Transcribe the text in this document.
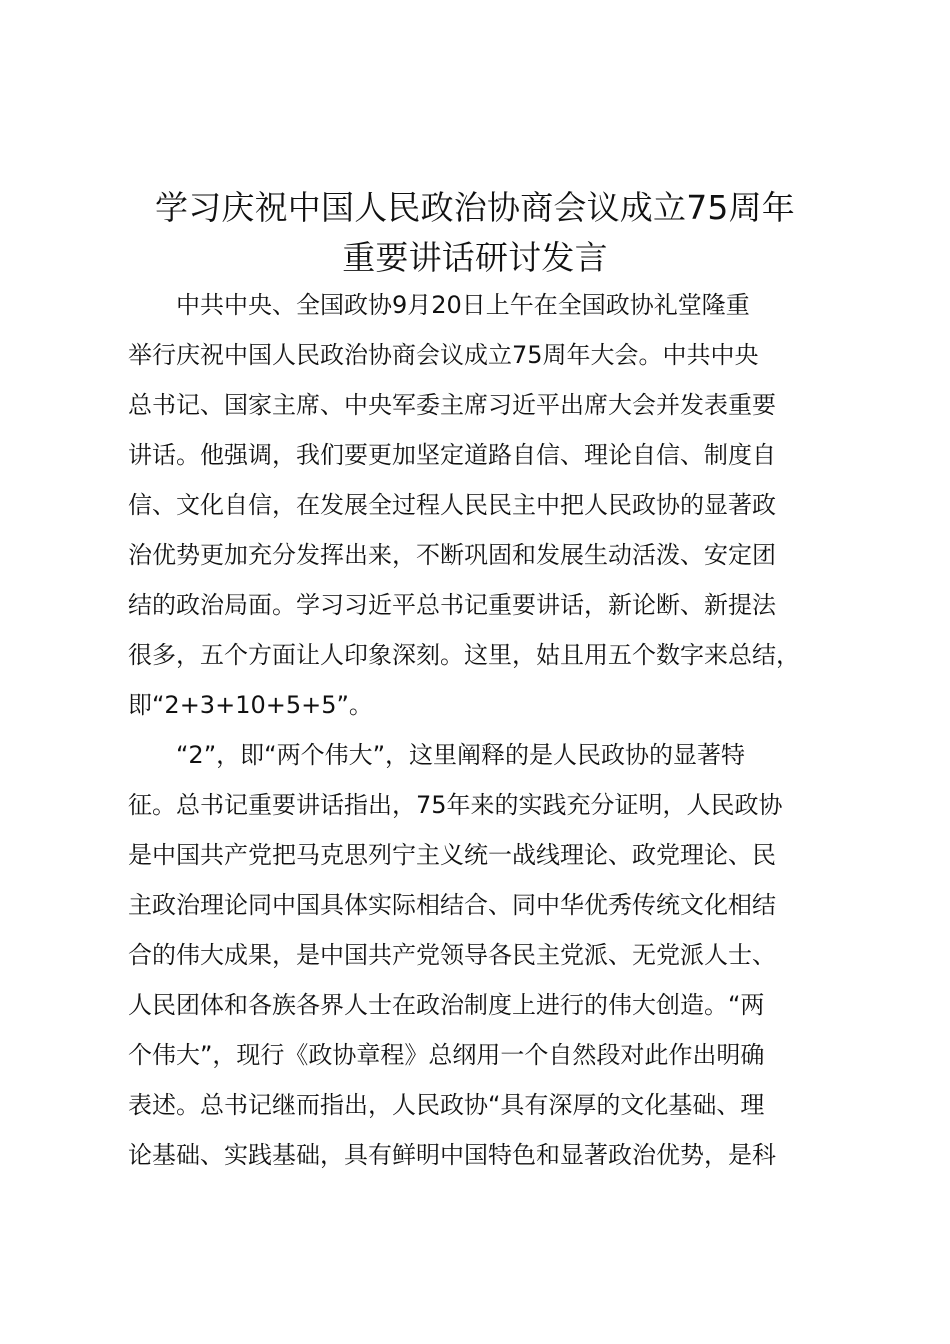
学习庆祝中国人民政治协商会议成立75周年
重要讲话研讨发言

中共中央、全国政协9月20日上午在全国政协礼堂隆重
举行庆祝中国人民政治协商会议成立75周年大会。中共中央
总书记、国家主席、中央军委主席习近平出席大会并发表重要
讲话。他强调，我们要更加坚定道路自信、理论自信、制度自
信、文化自信，在发展全过程人民民主中把人民政协的显著政
治优势更加充分发挥出来，不断巩固和发展生动活泼、安定团
结的政治局面。学习习近平总书记重要讲话，新论断、新提法
很多，五个方面让人印象深刻。这里，姑且用五个数字来总结，
即“2+3+10+5+5”。

“2”，即“两个伟大”，这里阐释的是人民政协的显著特
征。总书记重要讲话指出，75年来的实践充分证明，人民政协
是中国共产党把马克思列宁主义统一战线理论、政党理论、民
主政治理论同中国具体实际相结合、同中华优秀传统文化相结
合的伟大成果，是中国共产党领导各民主党派、无党派人士、
人民团体和各族各界人士在政治制度上进行的伟大创造。“两
个伟大”，现行《政协章程》总纲用一个自然段对此作出明确
表述。总书记继而指出，人民政协“具有深厚的文化基础、理
论基础、实践基础，具有鲜明中国特色和显著政治优势，是科
